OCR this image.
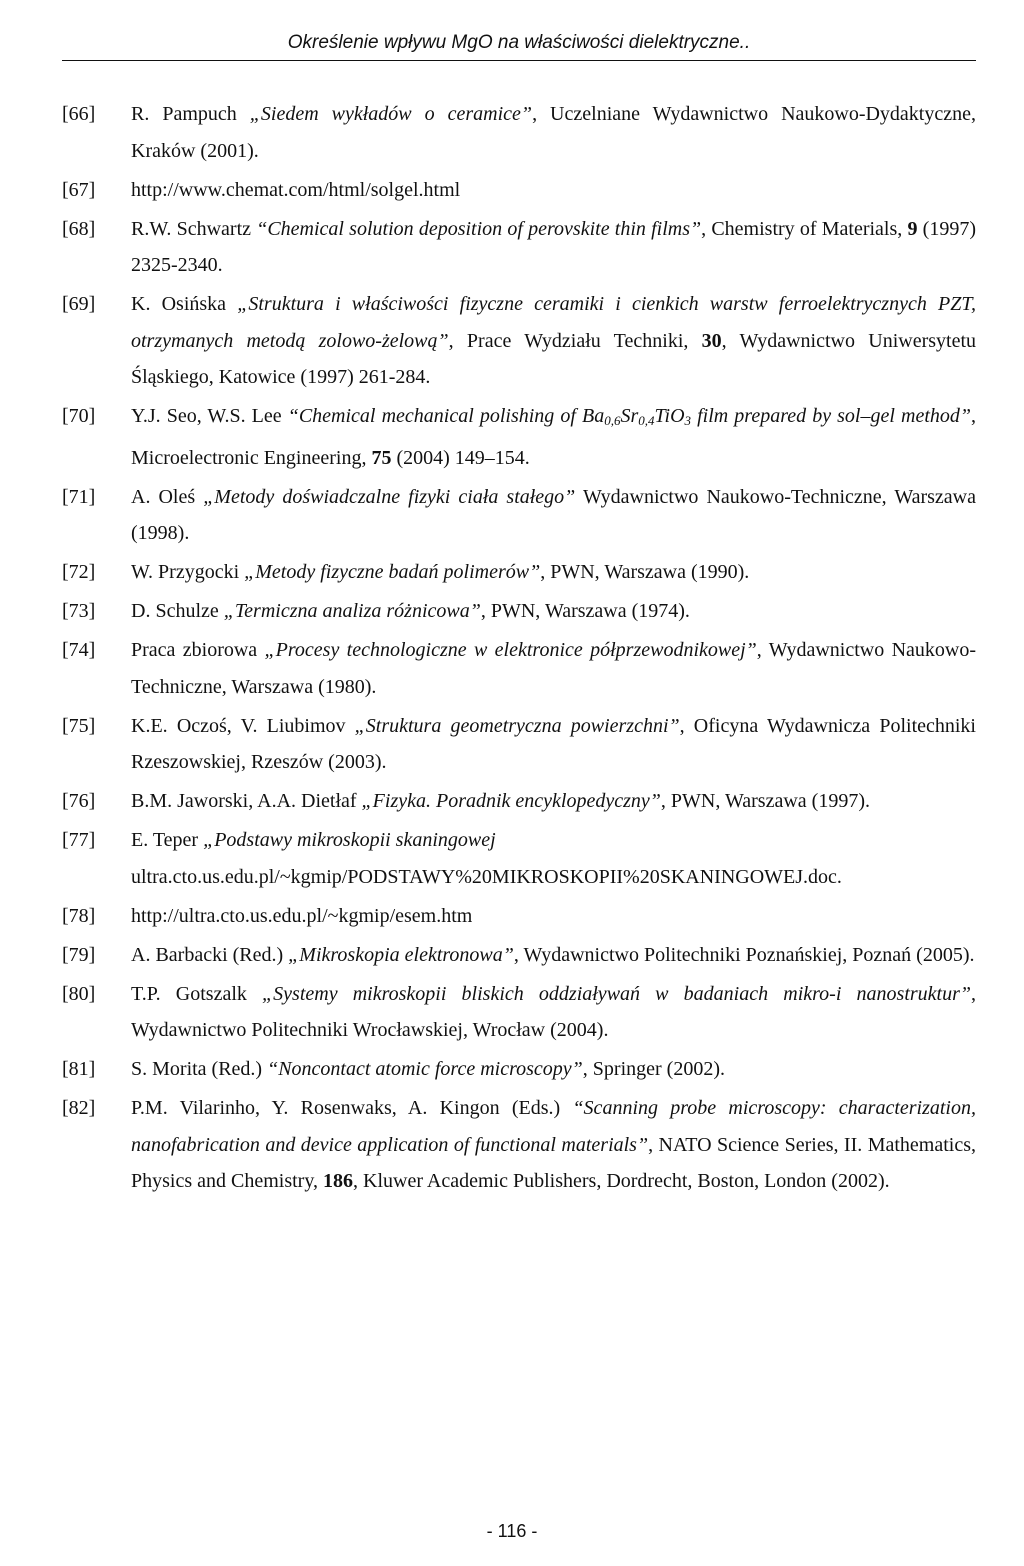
Określenie wpływu MgO na właściwości dielektryczne..
[66]	R. Pampuch „Siedem wykładów o ceramice”, Uczelniane Wydawnictwo Naukowo-Dydaktyczne, Kraków (2001).
[67]	http://www.chemat.com/html/solgel.html
[68]	R.W. Schwartz “Chemical solution deposition of perovskite thin films”, Chemistry of Materials, 9 (1997) 2325-2340.
[69]	K. Osińska „Struktura i właściwości fizyczne ceramiki i cienkich warstw ferroelektrycznych PZT, otrzymanych metodą zolowo-żelową”, Prace Wydziału Techniki, 30, Wydawnictwo Uniwersytetu Śląskiego, Katowice (1997) 261-284.
[70]	Y.J. Seo, W.S. Lee “Chemical mechanical polishing of $Ba_{0,6}Sr_{0,4}TiO_3$ film prepared by sol–gel method”, Microelectronic Engineering, 75 (2004) 149–154.
[71]	A. Oleś „Metody doświadczalne fizyki ciała stałego” Wydawnictwo Naukowo-Techniczne, Warszawa (1998).
[72]	W. Przygocki „Metody fizyczne badań polimerów”, PWN, Warszawa (1990).
[73]	D. Schulze „Termiczna analiza różnicowa”, PWN, Warszawa (1974).
[74]	Praca zbiorowa „Procesy technologiczne w elektronice półprzewodnikowej”, Wydawnictwo Naukowo-Techniczne, Warszawa (1980).
[75]	K.E. Oczoś, V. Liubimov „Struktura geometryczna powierzchni”, Oficyna Wydawnicza Politechniki Rzeszowskiej, Rzeszów (2003).
[76]	B.M. Jaworski, A.A. Dietłaf „Fizyka. Poradnik encyklopedyczny”, PWN, Warszawa (1997).
[77]	E. Teper „Podstawy mikroskopii skaningowej
ultra.cto.us.edu.pl/~kgmip/PODSTAWY%20MIKROSKOPII%20SKANINGOWEJ.doc.
[78]	http://ultra.cto.us.edu.pl/~kgmip/esem.htm
[79]	A. Barbacki (Red.) „Mikroskopia elektronowa”, Wydawnictwo Politechniki Poznańskiej, Poznań (2005).
[80]	T.P. Gotszalk „Systemy mikroskopii bliskich oddziaływań w badaniach mikro-i nanostruktur”, Wydawnictwo Politechniki Wrocławskiej, Wrocław (2004).
[81]	S. Morita (Red.) “Noncontact atomic force microscopy”, Springer (2002).
[82]	P.M. Vilarinho, Y. Rosenwaks, A. Kingon (Eds.) “Scanning probe microscopy: characterization, nanofabrication and device application of functional materials”, NATO Science Series, II. Mathematics, Physics and Chemistry, 186, Kluwer Academic Publishers, Dordrecht, Boston, London (2002).
- 116 -
